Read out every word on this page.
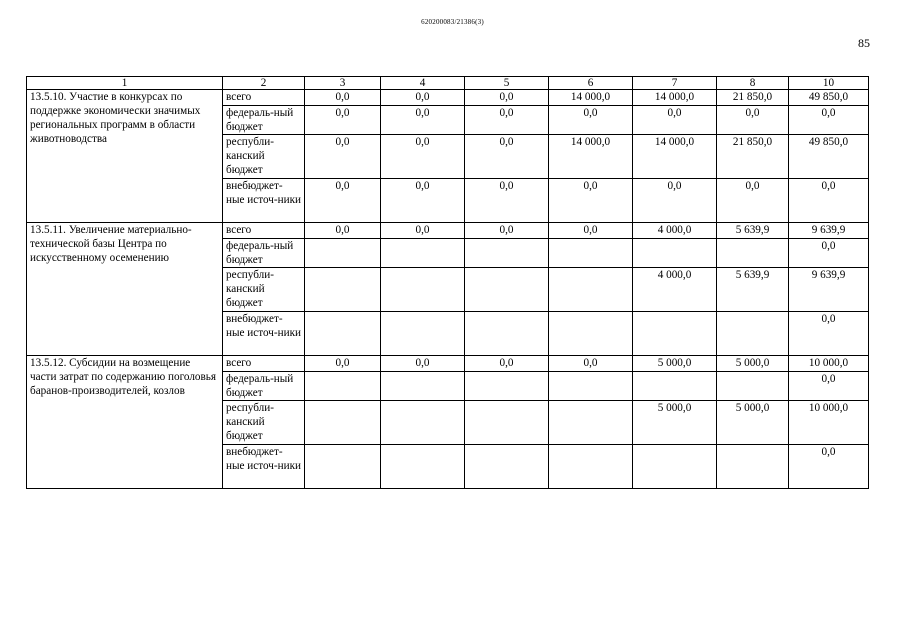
620200083/21386(3)
85
1	2	3	4	5	6	7	8	10
13.5.10. Участие в конкурсах по поддержке экономически значимых региональных программ в области животноводства	всего	0,0	0,0	0,0	14 000,0	14 000,0	21 850,0	49 850,0
	федераль-ный бюджет	0,0	0,0	0,0	0,0	0,0	0,0	0,0
	республи-канский бюджет	0,0	0,0	0,0	14 000,0	14 000,0	21 850,0	49 850,0
	внебюджет-ные источ-ники	0,0	0,0	0,0	0,0	0,0	0,0	0,0
13.5.11. Увеличение материально-технической базы Центра по искусственному осеменению	всего	0,0	0,0	0,0	0,0	4 000,0	5 639,9	9 639,9
	федераль-ный бюджет							0,0
	республи-канский бюджет					4 000,0	5 639,9	9 639,9
	внебюджет-ные источ-ники							0,0
13.5.12. Субсидии на возмещение части затрат по содержанию поголовья баранов-производителей, козлов	всего	0,0	0,0	0,0	0,0	5 000,0	5 000,0	10 000,0
	федераль-ный бюджет							0,0
	республи-канский бюджет					5 000,0	5 000,0	10 000,0
	внебюджет-ные источ-ники							0,0
